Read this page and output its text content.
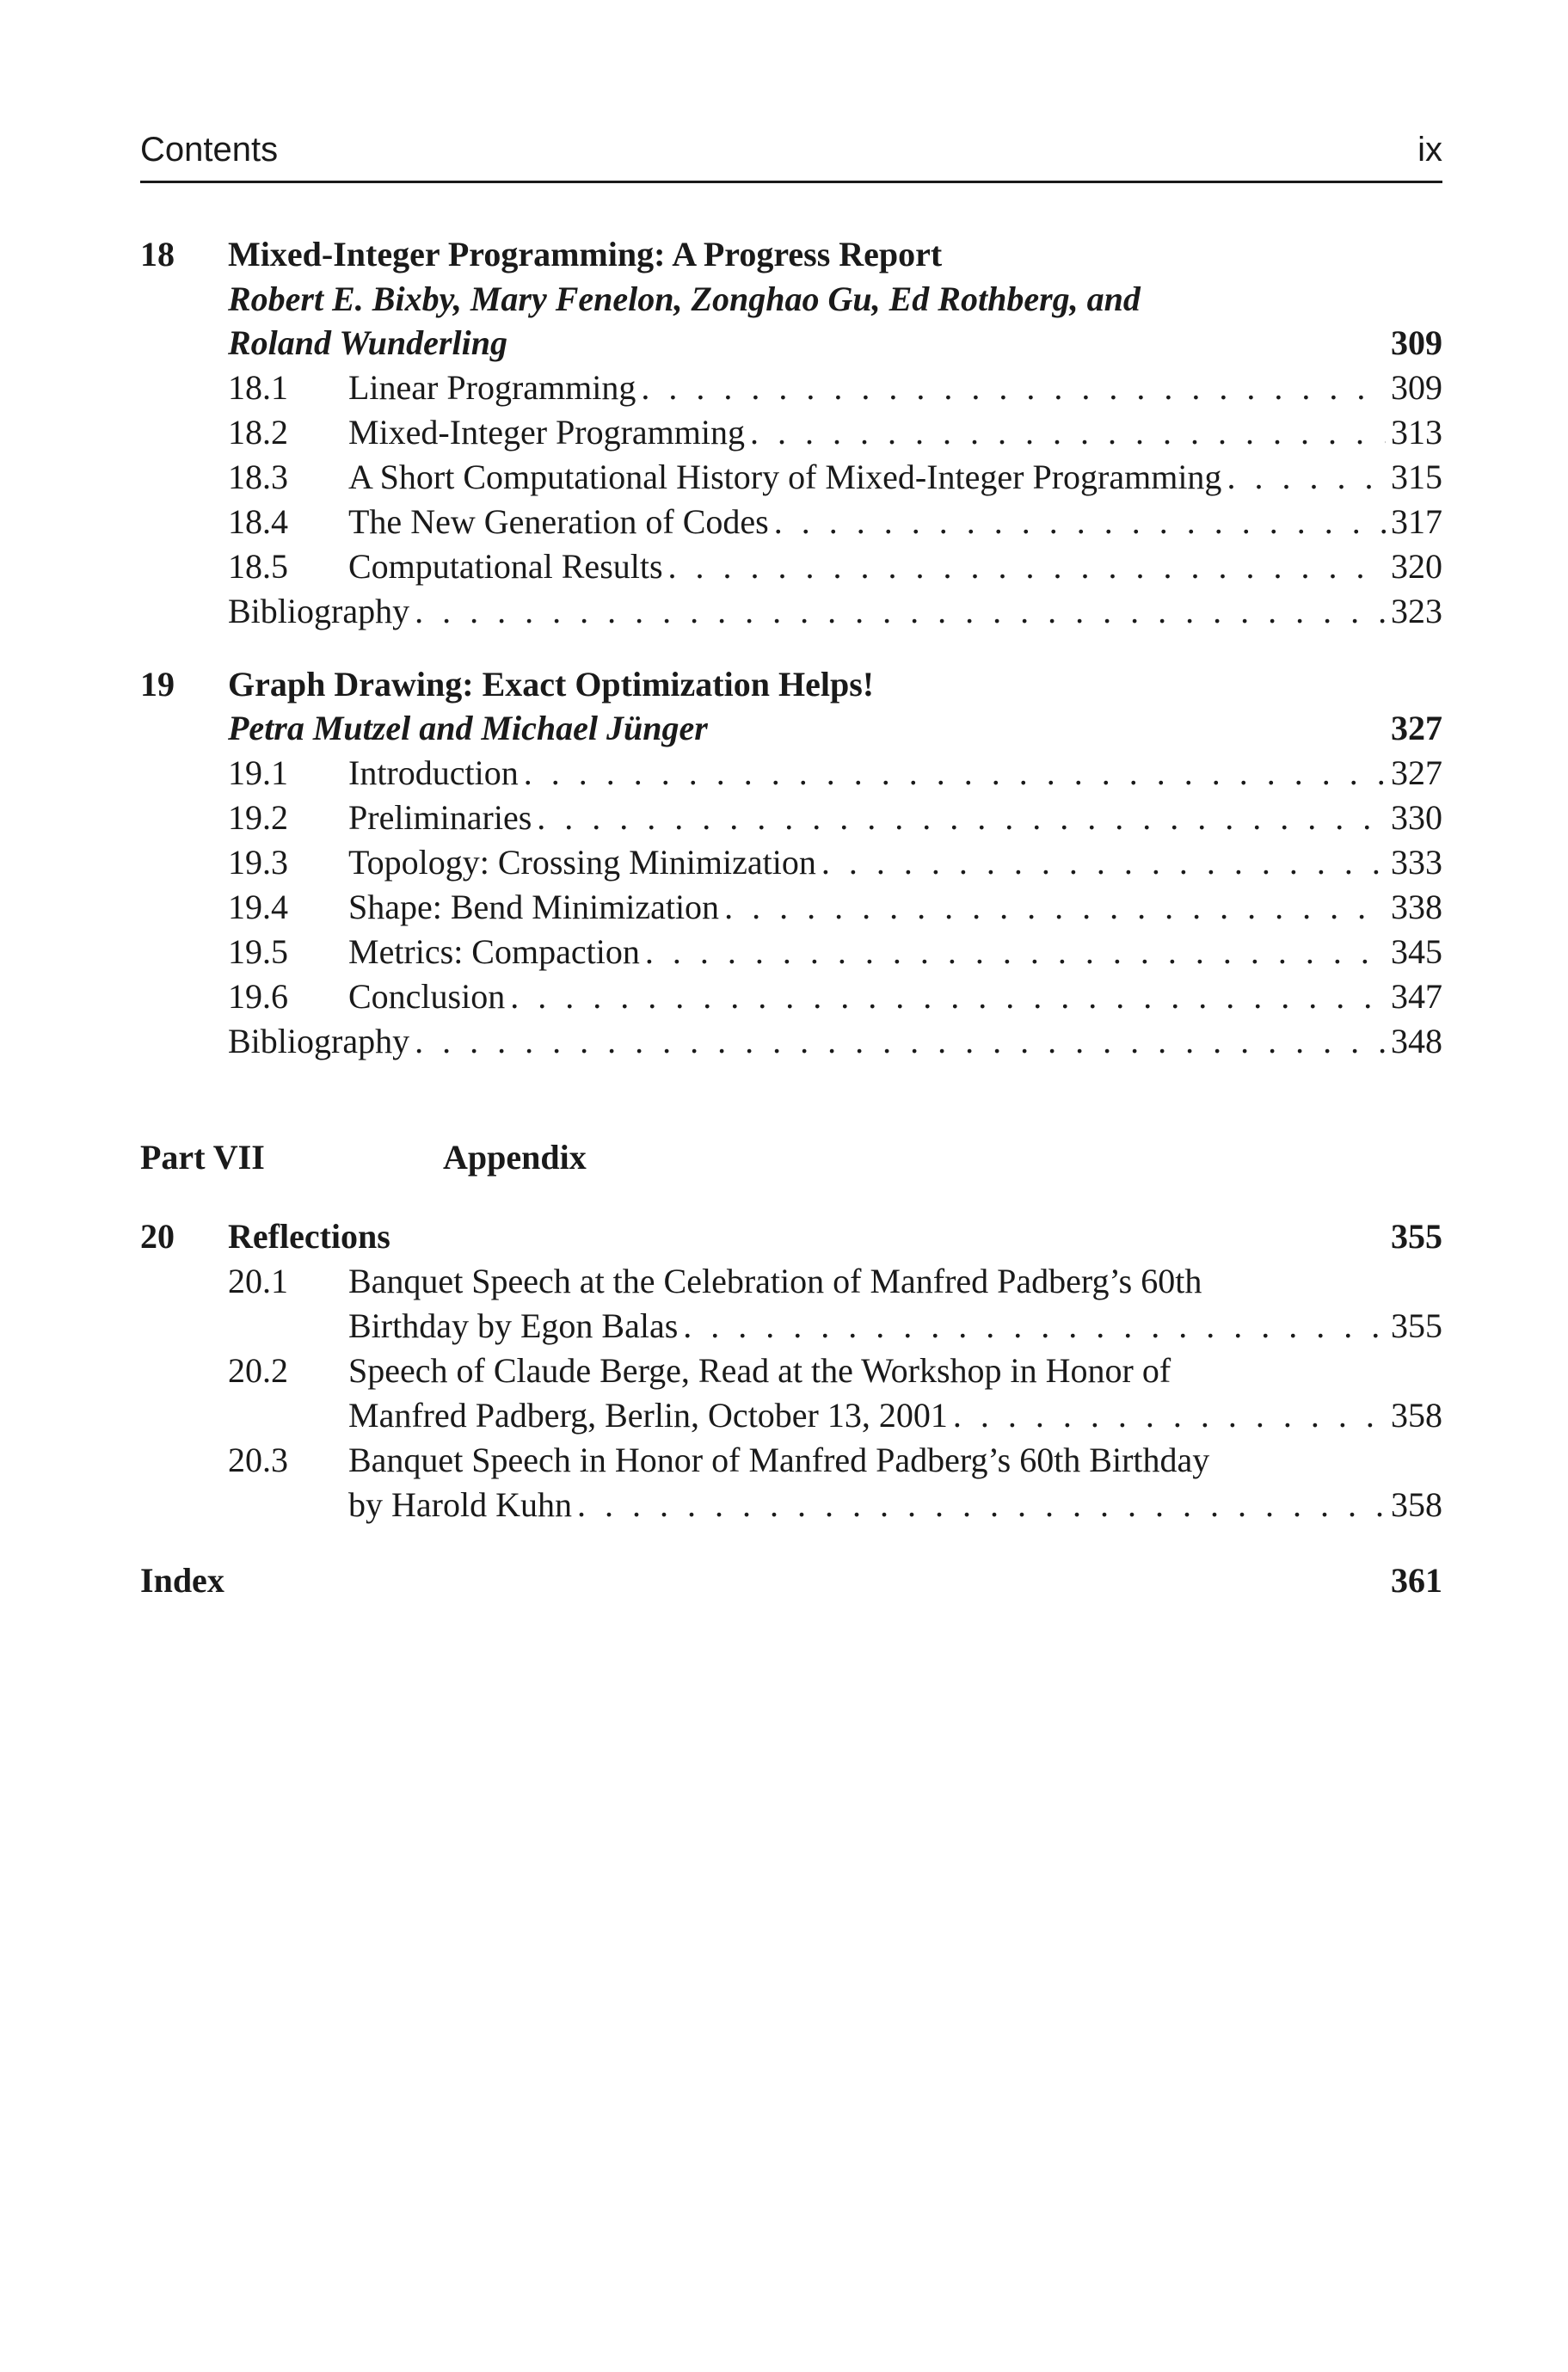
Contents	ix
18 Mixed-Integer Programming: A Progress Report
Robert E. Bixby, Mary Fenelon, Zonghao Gu, Ed Rothberg, and
Roland Wunderling	309
18.1	Linear Programming . . .	309
18.2	Mixed-Integer Programming . . .	313
18.3	A Short Computational History of Mixed-Integer Programming . . .	315
18.4	The New Generation of Codes . . .	317
18.5	Computational Results . . .	320
Bibliography . . .	323
19 Graph Drawing: Exact Optimization Helps!
Petra Mutzel and Michael Jünger	327
19.1	Introduction . . .	327
19.2	Preliminaries . . .	330
19.3	Topology: Crossing Minimization . . .	333
19.4	Shape: Bend Minimization . . .	338
19.5	Metrics: Compaction . . .	345
19.6	Conclusion . . .	347
Bibliography . . .	348
Part VII	Appendix
20 Reflections	355
20.1 Banquet Speech at the Celebration of Manfred Padberg’s 60th
Birthday by Egon Balas . . .	355
20.2 Speech of Claude Berge, Read at the Workshop in Honor of
Manfred Padberg, Berlin, October 13, 2001 . . .	358
20.3 Banquet Speech in Honor of Manfred Padberg’s 60th Birthday
by Harold Kuhn . . .	358
Index	361
